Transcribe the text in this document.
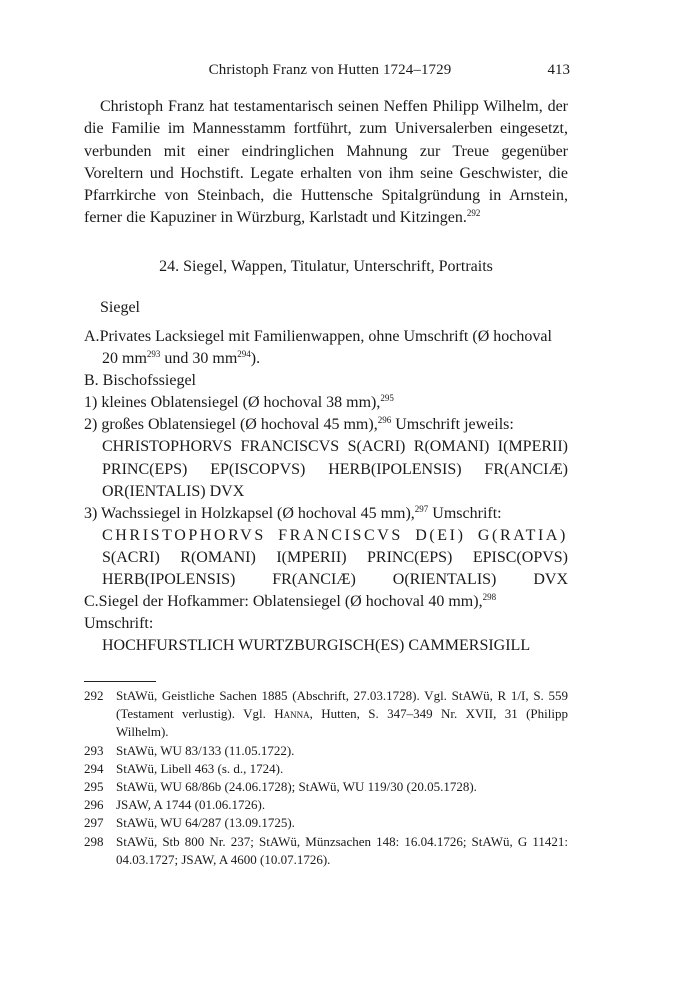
Christoph Franz von Hutten 1724–1729	413

Christoph Franz hat testamentarisch seinen Neffen Philipp Wilhelm, der die Familie im Mannesstamm fortführt, zum Universalerben eingesetzt, verbunden mit einer eindringlichen Mahnung zur Treue gegenüber Voreltern und Hochstift. Legate erhalten von ihm seine Geschwister, die Pfarrkirche von Steinbach, die Huttensche Spitalgründung in Arnstein, ferner die Kapuziner in Würzburg, Karlstadt und Kitzingen.$^{292}$

24. Siegel, Wappen, Titulatur, Unterschrift, Portraits
Siegel

A.Privates Lacksiegel mit Familienwappen, ohne Umschrift (Ø hochoval

20 $mm^{293}$ und 30 $mm^{294}$).

B. Bischofssiegel

1) kleines Oblatensiegel (Ø hochoval 38 mm),$^{295}$

2) großes Oblatensiegel (Ø hochoval 45 mm),$^{296}$ Umschrift jeweils:

CHRISTOPHORVS FRANCISCVS S(ACRI) R(OMANI) I(MPERII)

PRINC(EPS) EP(ISCOPVS) HERB(IPOLENSIS) FR(ANCIÆ)

OR(IENTALIS) DVX

3) Wachssiegel in Holzkapsel (Ø hochoval 45 mm),$^{297}$ Umschrift:

CHRISTOPHORVS FRANCISCVS D(EI) G(RATIA)

S(ACRI) R(OMANI) I(MPERII) PRINC(EPS) EPISC(OPVS)

HERB(IPOLENSIS) FR(ANCIÆ) O(RIENTALIS) DVX

C.Siegel der Hofkammer: Oblatensiegel (Ø hochoval 40 mm),$^{298}$ Umschrift:

HOCHFURSTLICH WURTZBURGISCH(ES) CAMMERSIGILL

292 StAWü, Geistliche Sachen 1885 (Abschrift, 27.03.1728). Vgl. StAWü, R 1/I, S. 559 (Testament verlustig). Vgl. Hanna, Hutten, S. 347–349 Nr. XVII, 31 (Philipp Wilhelm).
293 StAWü, WU 83/133 (11.05.1722).
294 StAWü, Libell 463 (s. d., 1724).
295 StAWü, WU 68/86b (24.06.1728); StAWü, WU 119/30 (20.05.1728).
296 JSAW, A 1744 (01.06.1726).
297 StAWü, WU 64/287 (13.09.1725).
298 StAWü, Stb 800 Nr. 237; StAWü, Münzsachen 148: 16.04.1726; StAWü, G 11421: 04.03.1727; JSAW, A 4600 (10.07.1726).
